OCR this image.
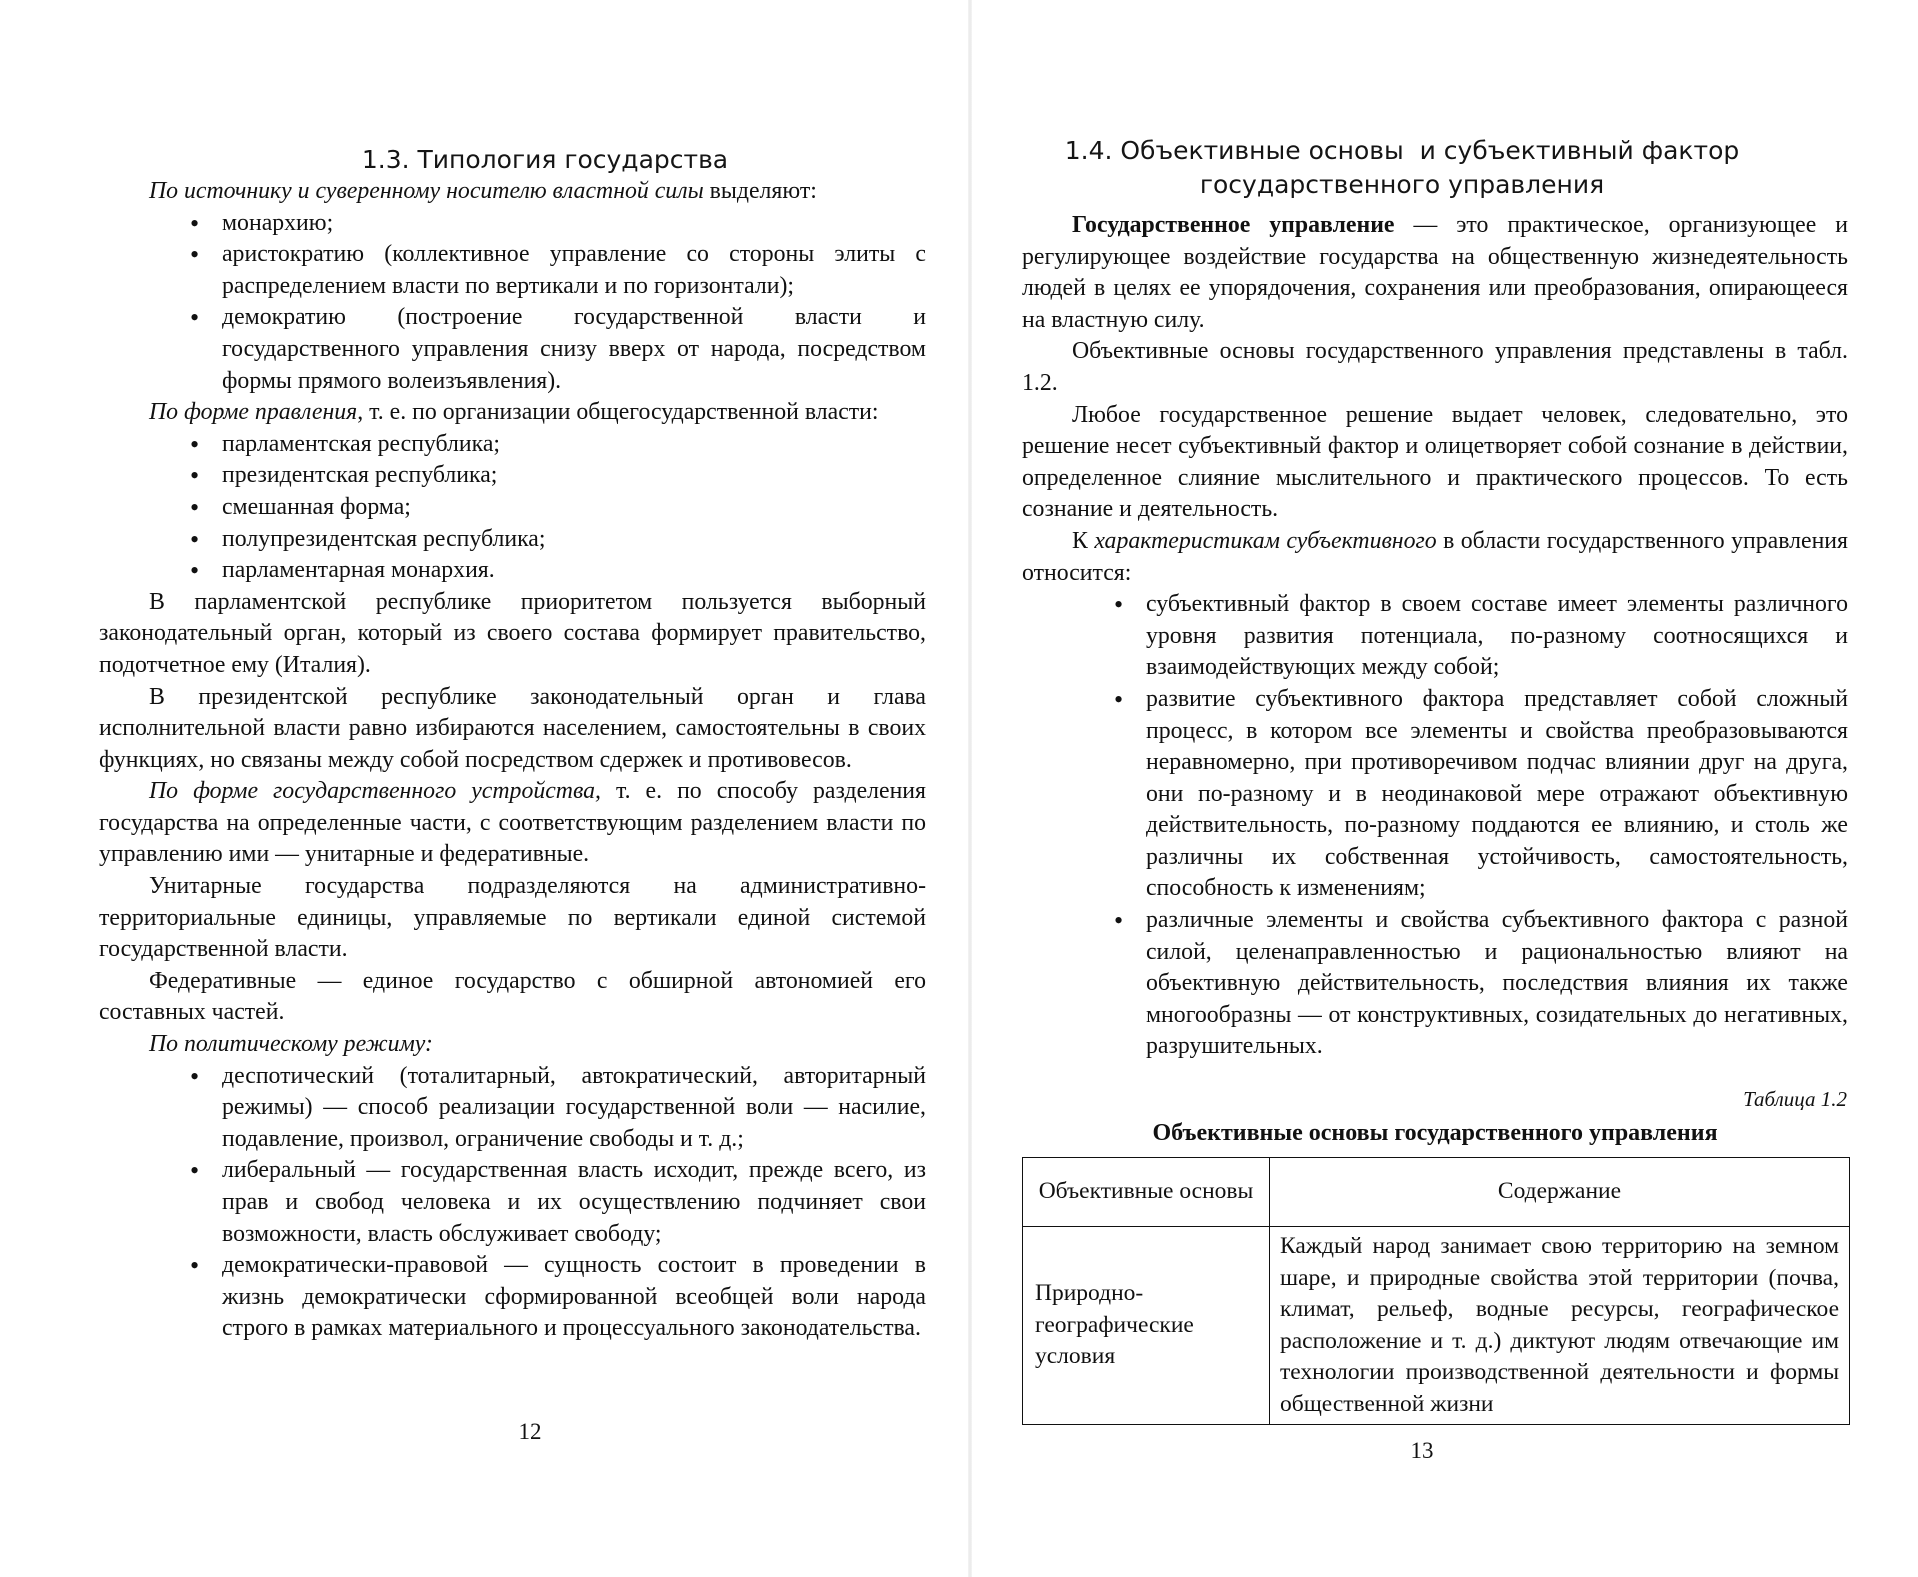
1.3. Типология государства

По источнику и суверенному носителю властной силы выделяют:

• монархию;
• аристократию (коллективное управление со стороны элиты с распределением власти по вертикали и по горизонтали);
• демократию (построение государственной власти и государственного управления снизу вверх от народа, посредством формы прямого волеизъявления).

По форме правления, т. е. по организации общегосударственной власти:

• парламентская республика;
• президентская республика;
• смешанная форма;
• полупрезидентская республика;
• парламентарная монархия.

В парламентской республике приоритетом пользуется выборный законодательный орган, который из своего состава формирует правительство, подотчетное ему (Италия).

В президентской республике законодательный орган и глава исполнительной власти равно избираются населением, самостоятельны в своих функциях, но связаны между собой посредством сдержек и противовесов.

По форме государственного устройства, т. е. по способу разделения государства на определенные части, с соответствующим разделением власти по управлению ими — унитарные и федеративные.

Унитарные государства подразделяются на административно-территориальные единицы, управляемые по вертикали единой системой государственной власти.

Федеративные — единое государство с обширной автономией его составных частей.

По политическому режиму:

• деспотический (тоталитарный, автократический, авторитарный режимы) — способ реализации государственной воли — насилие, подавление, произвол, ограничение свободы и т. д.;
• либеральный — государственная власть исходит, прежде всего, из прав и свобод человека и их осуществлению подчиняет свои возможности, власть обслуживает свободу;
• демократически-правовой — сущность состоит в проведении в жизнь демократически сформированной всеобщей воли народа строго в рамках материального и процессуального законодательства.
12
1.4. Объективные основы  и субъективный фактор
государственного управления

Государственное управление — это практическое, организующее и регулирующее воздействие государства на общественную жизнедеятельность людей в целях ее упорядочения, сохранения или преобразования, опирающееся на властную силу.

Объективные основы государственного управления представлены в табл. 1.2.

Любое государственное решение выдает человек, следовательно, это решение несет субъективный фактор и олицетворяет собой сознание в действии, определенное слияние мыслительного и практического процессов. То есть сознание и деятельность.

К характеристикам субъективного в области государственного управления относится:

• субъективный фактор в своем составе имеет элементы различного уровня развития потенциала, по-разному соотносящихся и взаимодействующих между собой;
• развитие субъективного фактора представляет собой сложный процесс, в котором все элементы и свойства преобразовываются неравномерно, при противоречивом подчас влиянии друг на друга, они по-разному и в неодинаковой мере отражают объективную действительность, по-разному поддаются ее влиянию, и столь же различны их собственная устойчивость, самостоятельность, способность к изменениям;
• различные элементы и свойства субъективного фактора с разной силой, целенаправленностью и рациональностью влияют на объективную действительность, последствия влияния их также многообразны — от конструктивных, созидательных до негативных, разрушительных.
Таблица 1.2
Объективные основы государственного управления
Объективные основы	Содержание
Природно-географические условия	Каждый народ занимает свою территорию на земном шаре, и природные свойства этой территории (почва, климат, рельеф, водные ресурсы, географическое расположение и т. д.) диктуют людям отвечающие им технологии производственной деятельности и формы общественной жизни
13
